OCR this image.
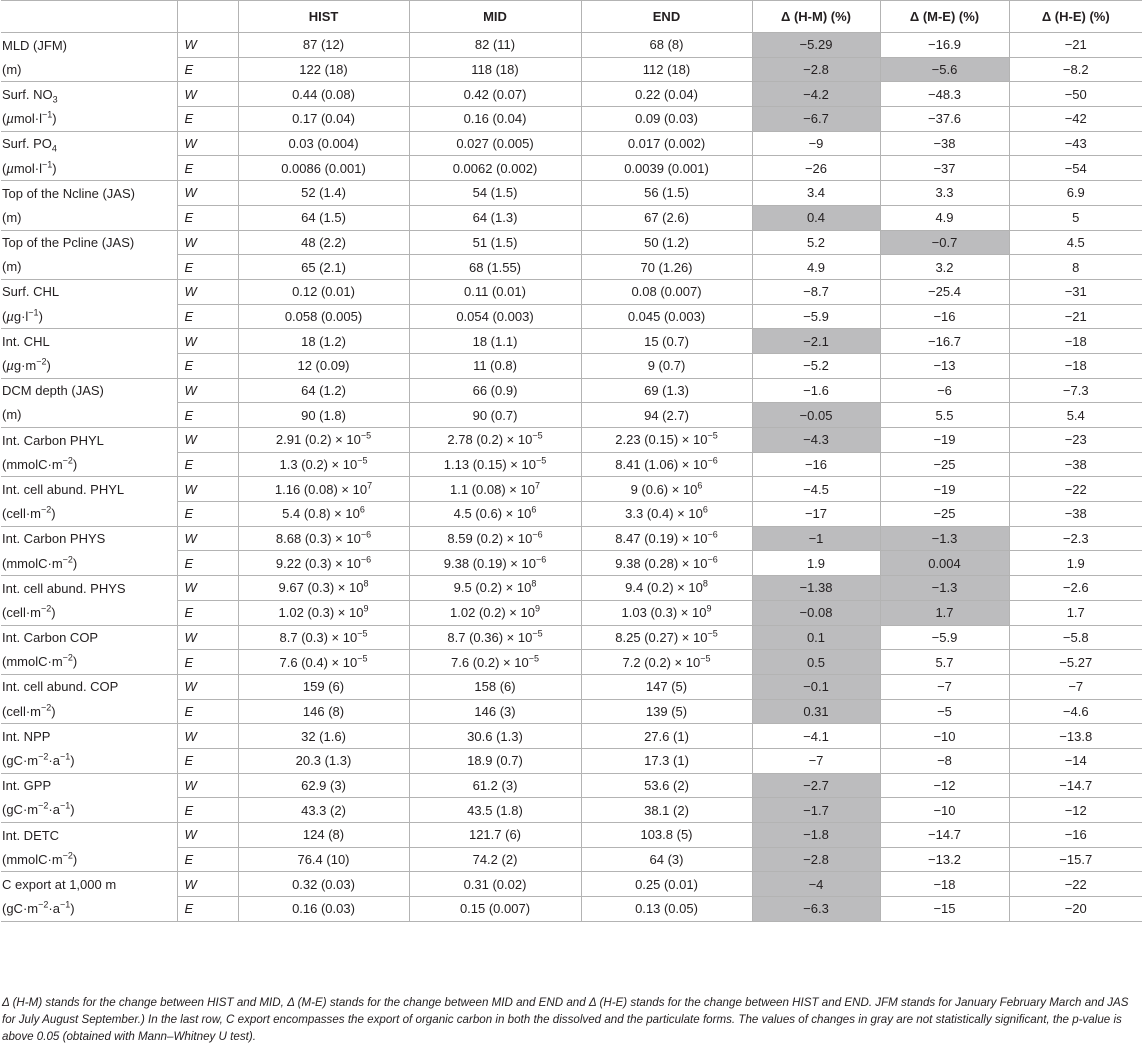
		HIST	MID	END	Δ (H-M) (%)	Δ (M-E) (%)	Δ (H-E) (%)
MLD (JFM)	W	87 (12)	82 (11)	68 (8)	−5.29	−16.9	−21
(m)	E	122 (18)	118 (18)	112 (18)	−2.8	−5.6	−8.2
Surf. $NO_3$	W	0.44 (0.08)	0.42 (0.07)	0.22 (0.04)	−4.2	−48.3	−50
$(\mu mol\cdot l^{-1})$	E	0.17 (0.04)	0.16 (0.04)	0.09 (0.03)	−6.7	−37.6	−42
Surf. $PO_4$	W	0.03 (0.004)	0.027 (0.005)	0.017 (0.002)	−9	−38	−43
$(\mu mol\cdot l^{-1})$	E	0.0086 (0.001)	0.0062 (0.002)	0.0039 (0.001)	−26	−37	−54
Top of the Ncline (JAS)	W	52 (1.4)	54 (1.5)	56 (1.5)	3.4	3.3	6.9
(m)	E	64 (1.5)	64 (1.3)	67 (2.6)	0.4	4.9	5
Top of the Pcline (JAS)	W	48 (2.2)	51 (1.5)	50 (1.2)	5.2	−0.7	4.5
(m)	E	65 (2.1)	68 (1.55)	70 (1.26)	4.9	3.2	8
Surf. CHL	W	0.12 (0.01)	0.11 (0.01)	0.08 (0.007)	−8.7	−25.4	−31
$(\mu g\cdot l^{-1})$	E	0.058 (0.005)	0.054 (0.003)	0.045 (0.003)	−5.9	−16	−21
Int. CHL	W	18 (1.2)	18 (1.1)	15 (0.7)	−2.1	−16.7	−18
$(\mu g\cdot m^{-2})$	E	12 (0.09)	11 (0.8)	9 (0.7)	−5.2	−13	−18
DCM depth (JAS)	W	64 (1.2)	66 (0.9)	69 (1.3)	−1.6	−6	−7.3
(m)	E	90 (1.8)	90 (0.7)	94 (2.7)	−0.05	5.5	5.4
Int. Carbon PHYL	W	2.91 $(0.2) \times 10^{-5}$	2.78 $(0.2) \times 10^{-5}$	2.23 $(0.15) \times 10^{-5}$	−4.3	−19	−23
$(mmolC\cdot m^{-2})$	E	1.3 $(0.2) \times 10^{-5}$	1.13 $(0.15) \times 10^{-5}$	8.41 $(1.06) \times 10^{-6}$	−16	−25	−38
Int. cell abund. PHYL	W	1.16 $(0.08) \times 10^7$	1.1 $(0.08) \times 10^7$	9 $(0.6) \times 10^6$	−4.5	−19	−22
$(cell\cdot m^{-2})$	E	5.4 $(0.8) \times 10^6$	4.5 $(0.6) \times 10^6$	3.3 $(0.4) \times 10^6$	−17	−25	−38
Int. Carbon PHYS	W	8.68 $(0.3) \times 10^{-6}$	8.59 $(0.2) \times 10^{-6}$	8.47 $(0.19) \times 10^{-6}$	−1	−1.3	−2.3
$(mmolC\cdot m^{-2})$	E	9.22 $(0.3) \times 10^{-6}$	9.38 $(0.19) \times 10^{-6}$	9.38 $(0.28) \times 10^{-6}$	1.9	0.004	1.9
Int. cell abund. PHYS	W	9.67 $(0.3) \times 10^8$	9.5 $(0.2) \times 10^8$	9.4 $(0.2) \times 10^8$	−1.38	−1.3	−2.6
$(cell\cdot m^{-2})$	E	1.02 $(0.3) \times 10^9$	1.02 $(0.2) \times 10^9$	1.03 $(0.3) \times 10^9$	−0.08	1.7	1.7
Int. Carbon COP	W	8.7 $(0.3) \times 10^{-5}$	8.7 $(0.36) \times 10^{-5}$	8.25 $(0.27) \times 10^{-5}$	0.1	−5.9	−5.8
$(mmolC\cdot m^{-2})$	E	7.6 $(0.4) \times 10^{-5}$	7.6 $(0.2) \times 10^{-5}$	7.2 $(0.2) \times 10^{-5}$	0.5	5.7	−5.27
Int. cell abund. COP	W	159 (6)	158 (6)	147 (5)	−0.1	−7	−7
$(cell\cdot m^{-2})$	E	146 (8)	146 (3)	139 (5)	0.31	−5	−4.6
Int. NPP	W	32 (1.6)	30.6 (1.3)	27.6 (1)	−4.1	−10	−13.8
$(gC\cdot m^{-2}\cdot a^{-1})$	E	20.3 (1.3)	18.9 (0.7)	17.3 (1)	−7	−8	−14
Int. GPP	W	62.9 (3)	61.2 (3)	53.6 (2)	−2.7	−12	−14.7
$(gC\cdot m^{-2}\cdot a^{-1})$	E	43.3 (2)	43.5 (1.8)	38.1 (2)	−1.7	−10	−12
Int. DETC	W	124 (8)	121.7 (6)	103.8 (5)	−1.8	−14.7	−16
$(mmolC\cdot m^{-2})$	E	76.4 (10)	74.2 (2)	64 (3)	−2.8	−13.2	−15.7
C export at 1,000 m	W	0.32 (0.03)	0.31 (0.02)	0.25 (0.01)	−4	−18	−22
$(gC\cdot m^{-2}\cdot a^{-1})$	E	0.16 (0.03)	0.15 (0.007)	0.13 (0.05)	−6.3	−15	−20
Δ (H-M) stands for the change between HIST and MID, Δ (M-E) stands for the change between MID and END and Δ (H-E) stands for the change between HIST and END. JFM stands for January February March and JAS for July August September.) In the last row, C export encompasses the export of organic carbon in both the dissolved and the particulate forms. The values of changes in gray are not statistically significant, the p-value is above 0.05 (obtained with Mann–Whitney U test).
